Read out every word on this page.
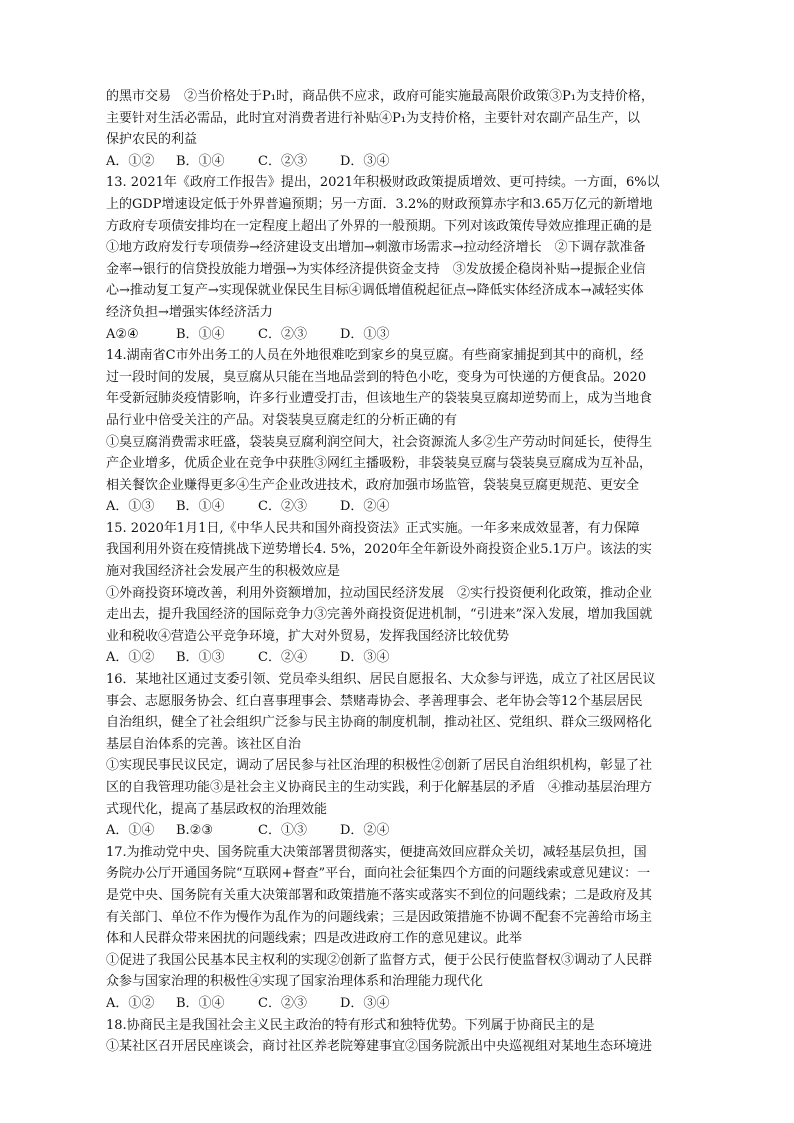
的黑市交易　②当价格处于P₁时，商品供不应求，政府可能实施最高限价政策③P₁为支持价格，
主要针对生活必需品，此时宜对消费者进行补贴④P₁为支持价格，主要针对农副产品生产，以
保护农民的利益
A．①② B．①④	C．②③	D．③④
13. 2021年《政府工作报告》提出，2021年积极财政政策提质增效、更可持续。一方面，6%以
上的GDP增速设定低于外界普遍预期；另一方面．3.2%的财政预算赤字和3.65万亿元的新增地
方政府专项债安排均在一定程度上超出了外界的一般预期。下列对该政策传导效应推理正确的是
①地方政府发行专项债券→经济建设支出增加→刺激市场需求→拉动经济增长　②下调存款准备
金率→银行的信贷投放能力增强→为实体经济提供资金支持　③发放援企稳岗补贴→提振企业信
心→推动复工复产→实现保就业保民生目标④调低增值税起征点→降低实体经济成本→减轻实体
经济负担→增强实体经济活力
A②④	B．①④	C．②③	D．①③
14.湖南省C市外出务工的人员在外地很难吃到家乡的臭豆腐。有些商家捕捉到其中的商机，经
过一段时间的发展，臭豆腐从只能在当地品尝到的特色小吃，变身为可快递的方便食品。2020
年受新冠肺炎疫情影响，许多行业遭受打击，但该地生产的袋装臭豆腐却逆势而上，成为当地食
品行业中倍受关注的产品。对袋装臭豆腐走红的分析正确的有
①臭豆腐消费需求旺盛，袋装臭豆腐利润空间大，社会资源流人多②生产劳动时间延长，使得生
产企业增多，优质企业在竞争中获胜③网红主播吸粉，非袋装臭豆腐与袋装臭豆腐成为互补品，
相关餐饮企业赚得更多④生产企业改进技术，政府加强市场监管，袋装臭豆腐更规范、更安全
A．①③ B．①④	C．②③	D．②④
15. 2020年1月1日,《中华人民共和国外商投资法》正式实施。一年多来成效显著，有力保障
我国利用外资在疫情挑战下逆势增长4. 5%，2020年全年新设外商投资企业5.1万户。该法的实
施对我国经济社会发展产生的积极效应是
①外商投资环境改善，利用外资额增加，拉动国民经济发展　②实行投资便利化政策，推动企业
走出去，提升我国经济的国际竞争力③完善外商投资促进机制，“引进来”深入发展，增加我国就
业和税收④营造公平竞争环境，扩大对外贸易，发挥我国经济比较优势
A．①② B．①③	C．②④	D．③④
16．某地社区通过支委引领、党员牵头组织、居民自愿报名、大众参与评选，成立了社区居民议
事会、志愿服务协会、红白喜事理事会、禁赌毒协会、孝善理事会、老年协会等12个基层居民
自治组织，健全了社会组织广泛参与民主协商的制度机制，推动社区、党组织、群众三级网格化
基层自治体系的完善。该社区自治
①实现民事民议民定，调动了居民参与社区治理的积极性②创新了居民自治组织机构，彰显了社
区的自我管理功能③是社会主义协商民主的生动实践，利于化解基层的矛盾　④推动基层治理方
式现代化，提高了基层政权的治理效能
A．①④ B.②③	C．①③	D．②④
17.为推动党中央、国务院重大决策部署贯彻落实，便捷高效回应群众关切，减轻基层负担，国
务院办公厅开通国务院“互联网+督查”平台，面向社会征集四个方面的问题线索或意见建议：一
是党中央、国务院有关重大决策部署和政策措施不落实或落实不到位的问题线索；二是政府及其
有关部门、单位不作为慢作为乱作为的问题线索；三是因政策措施不协调不配套不完善给市场主
体和人民群众带来困扰的问题线索；四是改进政府工作的意见建议。此举
①促进了我国公民基本民主权利的实现②创新了监督方式，便于公民行使监督权③调动了人民群
众参与国家治理的积极性④实现了国家治理体系和治理能力现代化
A．①② B．①④	C．②③	D．③④
18.协商民主是我国社会主义民主政治的特有形式和独特优势。下列属于协商民主的是
①某社区召开居民座谈会，商讨社区养老院筹建事宜②国务院派出中央巡视组对某地生态环境进
